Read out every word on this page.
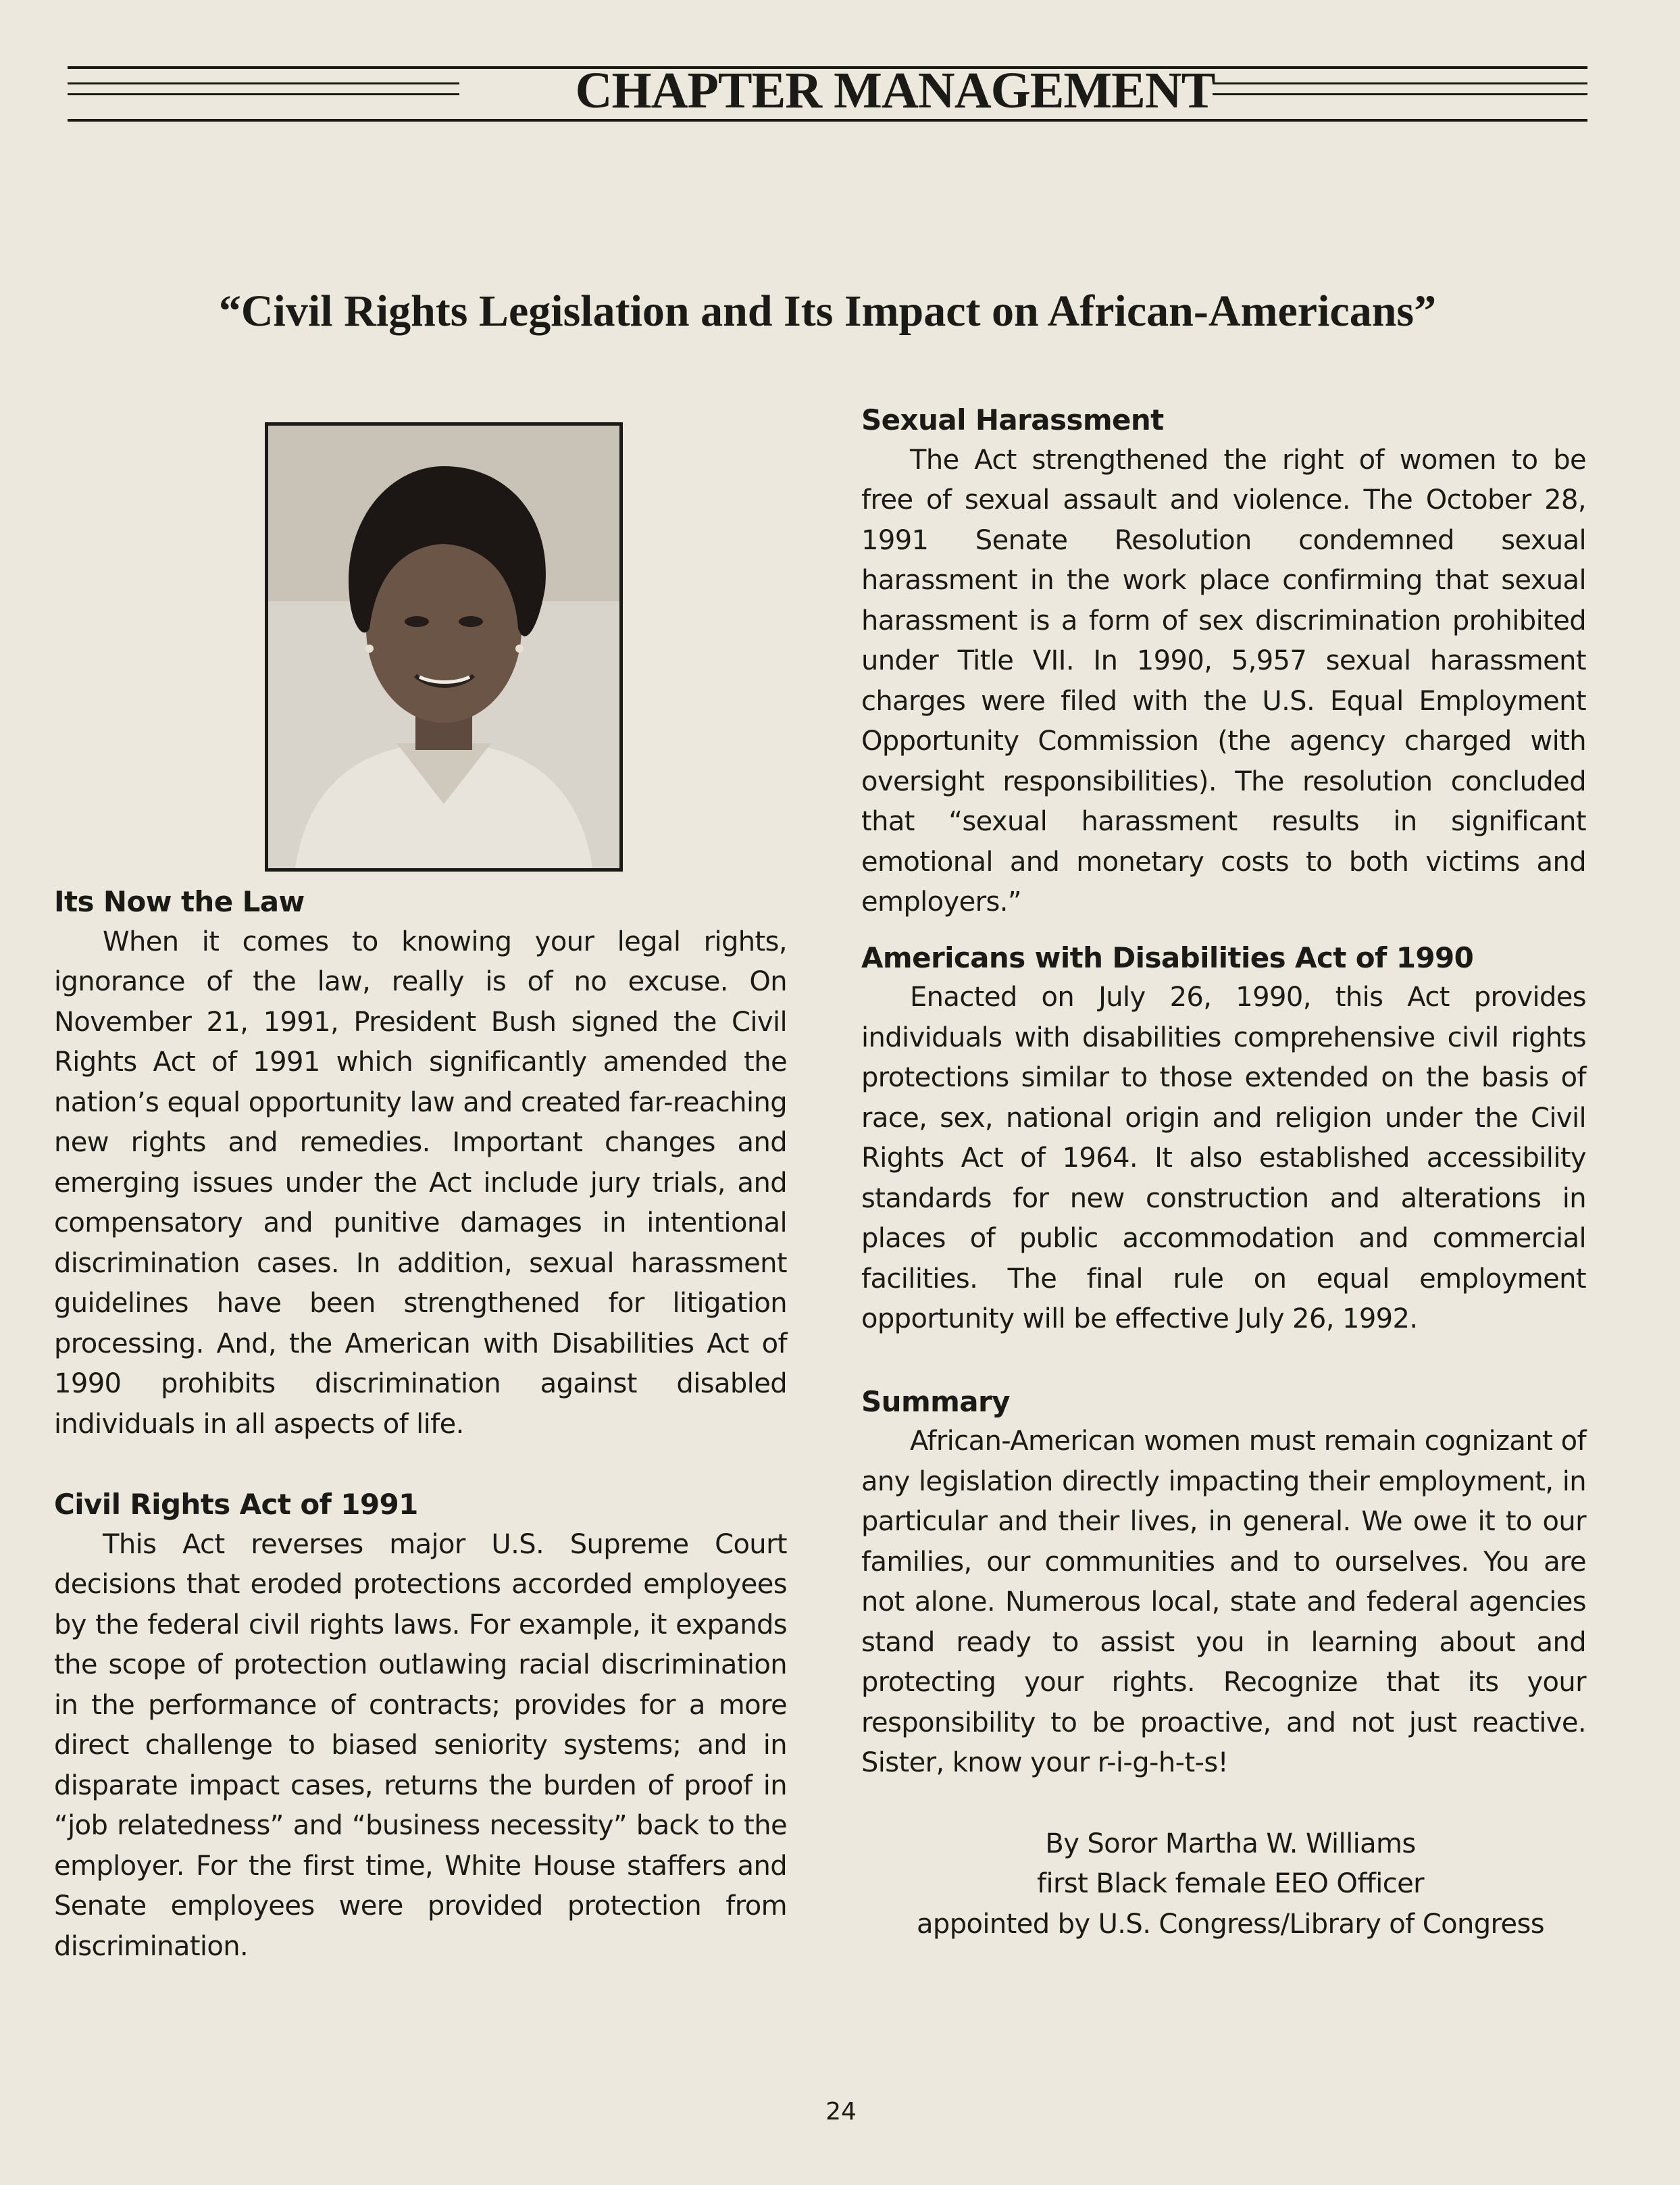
CHAPTER MANAGEMENT
“Civil Rights Legislation and Its Impact on African-Americans”
Its Now the Law

When it comes to knowing your legal rights, ignorance of the law, really is of no excuse. On November 21, 1991, President Bush signed the Civil Rights Act of 1991 which significantly amended the nation’s equal opportunity law and created far-reaching new rights and remedies. Important changes and emerging issues under the Act include jury trials, and compensatory and punitive damages in intentional discrimination cases. In addition, sexual harassment guidelines have been strengthened for litigation processing. And, the American with Disabilities Act of 1990 prohibits discrimination against disabled individuals in all aspects of life.

Civil Rights Act of 1991

This Act reverses major U.S. Supreme Court decisions that eroded protections accorded employees by the federal civil rights laws. For example, it expands the scope of protection outlawing racial discrimination in the performance of contracts; provides for a more direct challenge to biased seniority systems; and in disparate impact cases, returns the burden of proof in “job relatedness” and “business necessity” back to the employer. For the first time, White House staffers and Senate employees were provided protection from discrimination.

Sexual Harassment

The Act strengthened the right of women to be free of sexual assault and violence. The October 28, 1991 Senate Resolution condemned sexual harassment in the work place confirming that sexual harassment is a form of sex discrimination prohibited under Title VII. In 1990, 5,957 sexual harassment charges were filed with the U.S. Equal Employment Opportunity Commission (the agency charged with oversight responsibilities). The resolution concluded that “sexual harassment results in significant emotional and monetary costs to both victims and employers.”

Americans with Disabilities Act of 1990

Enacted on July 26, 1990, this Act provides individuals with disabilities comprehensive civil rights protections similar to those extended on the basis of race, sex, national origin and religion under the Civil Rights Act of 1964. It also established accessibility standards for new construction and alterations in places of public accommodation and commercial facilities. The final rule on equal employment opportunity will be effective July 26, 1992.

Summary

African-American women must remain cognizant of any legislation directly impacting their employment, in particular and their lives, in general. We owe it to our families, our communities and to ourselves. You are not alone. Numerous local, state and federal agencies stand ready to assist you in learning about and protecting your rights. Recognize that its your responsibility to be proactive, and not just reactive. Sister, know your r-i-g-h-t-s!

By Soror Martha W. Williams

first Black female EEO Officer

appointed by U.S. Congress/Library of Congress

24
